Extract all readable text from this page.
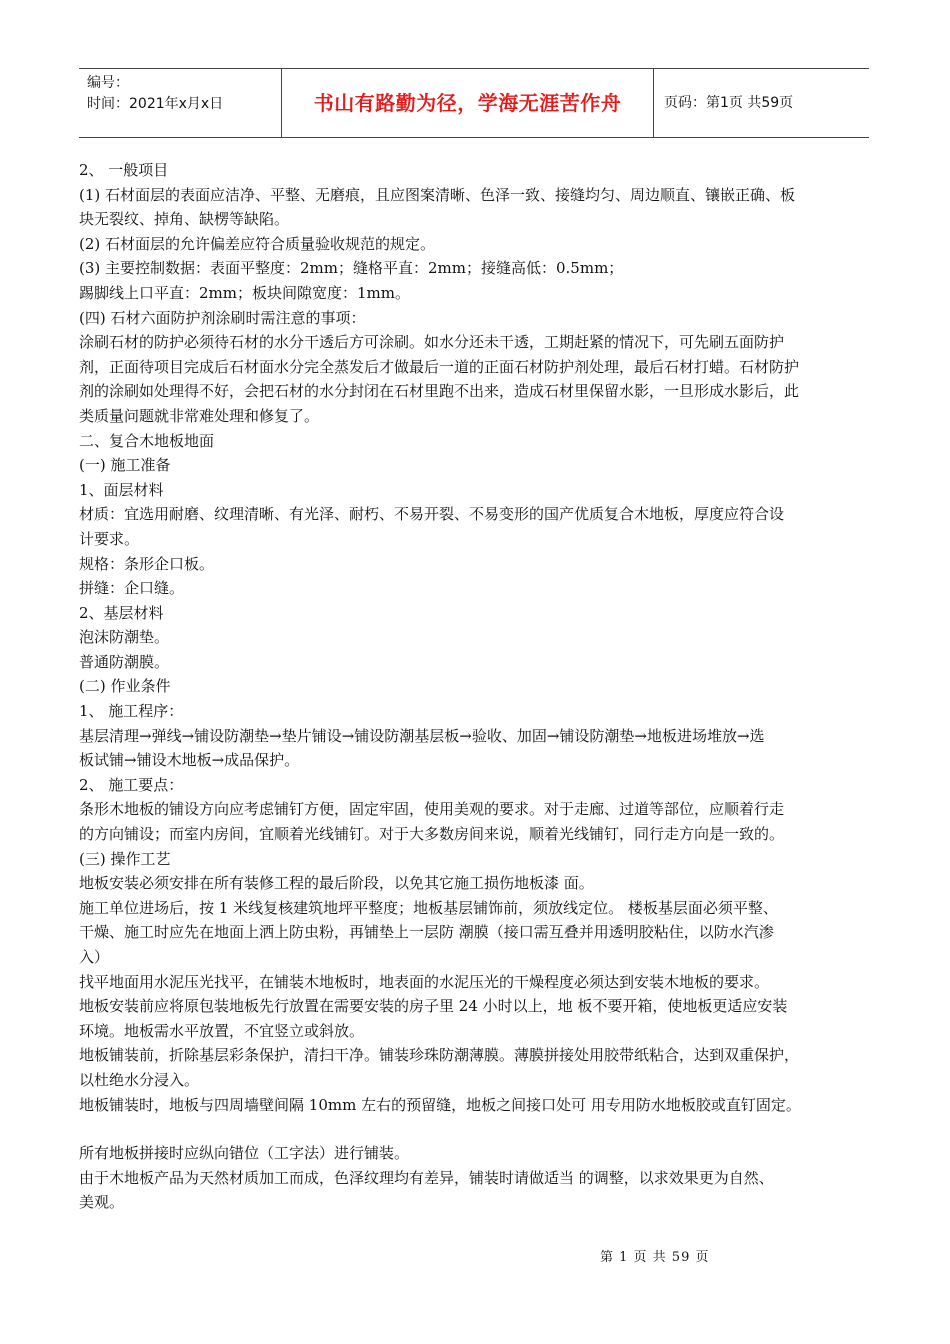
编号：
时间：2021年x月x日	书山有路勤为径，学海无涯苦作舟	页码：第1页 共59页

2、 一般项目

(1) 石材面层的表面应洁净、平整、无磨痕，且应图案清晰、色泽一致、接缝均匀、周边顺直、镶嵌正确、板

块无裂纹、掉角、缺楞等缺陷。

(2) 石材面层的允许偏差应符合质量验收规范的规定。

(3) 主要控制数据：表面平整度：2mm；缝格平直：2mm；接缝高低：0.5mm；

踢脚线上口平直：2mm；板块间隙宽度：1mm。

(四) 石材六面防护剂涂刷时需注意的事项：

涂刷石材的防护必须待石材的水分干透后方可涂刷。如水分还未干透，工期赶紧的情况下，可先刷五面防护

剂，正面待项目完成后石材面水分完全蒸发后才做最后一道的正面石材防护剂处理，最后石材打蜡。石材防护

剂的涂刷如处理得不好，会把石材的水分封闭在石材里跑不出来，造成石材里保留水影，一旦形成水影后，此

类质量问题就非常难处理和修复了。

二、复合木地板地面

(一) 施工准备

1、面层材料

材质：宜选用耐磨、纹理清晰、有光泽、耐朽、不易开裂、不易变形的国产优质复合木地板，厚度应符合设

计要求。

规格：条形企口板。

拼缝：企口缝。

2、基层材料

泡沫防潮垫。

普通防潮膜。

(二) 作业条件

1、 施工程序：

基层清理→弹线→铺设防潮垫→垫片铺设→铺设防潮基层板→验收、加固→铺设防潮垫→地板进场堆放→选

板试铺→铺设木地板→成品保护。

2、 施工要点：

条形木地板的铺设方向应考虑铺钉方便，固定牢固，使用美观的要求。对于走廊、过道等部位，应顺着行走

的方向铺设；而室内房间，宜顺着光线铺钉。对于大多数房间来说，顺着光线铺钉，同行走方向是一致的。

(三) 操作工艺

地板安装必须安排在所有装修工程的最后阶段，以免其它施工损伤地板漆 面。

施工单位进场后，按 1 米线复核建筑地坪平整度；地板基层铺饰前，须放线定位。 楼板基层面必须平整、

干燥、施工时应先在地面上洒上防虫粉，再铺垫上一层防 潮膜（接口需互叠并用透明胶粘住，以防水汽渗

入）

找平地面用水泥压光找平，在铺装木地板时，地表面的水泥压光的干燥程度必须达到安装木地板的要求。

地板安装前应将原包装地板先行放置在需要安装的房子里 24 小时以上，地 板不要开箱，使地板更适应安装

环境。地板需水平放置，不宜竖立或斜放。

地板铺装前，折除基层彩条保护，清扫干净。铺装珍珠防潮薄膜。薄膜拼接处用胶带纸粘合，达到双重保护，

以杜绝水分浸入。

地板铺装时，地板与四周墙壁间隔 10mm 左右的预留缝，地板之间接口处可 用专用防水地板胶或直钉固定。

所有地板拼接时应纵向错位（工字法）进行铺装。

由于木地板产品为天然材质加工而成，色泽纹理均有差异，铺装时请做适当 的调整，以求效果更为自然、

美观。

第 1 页 共 59 页
